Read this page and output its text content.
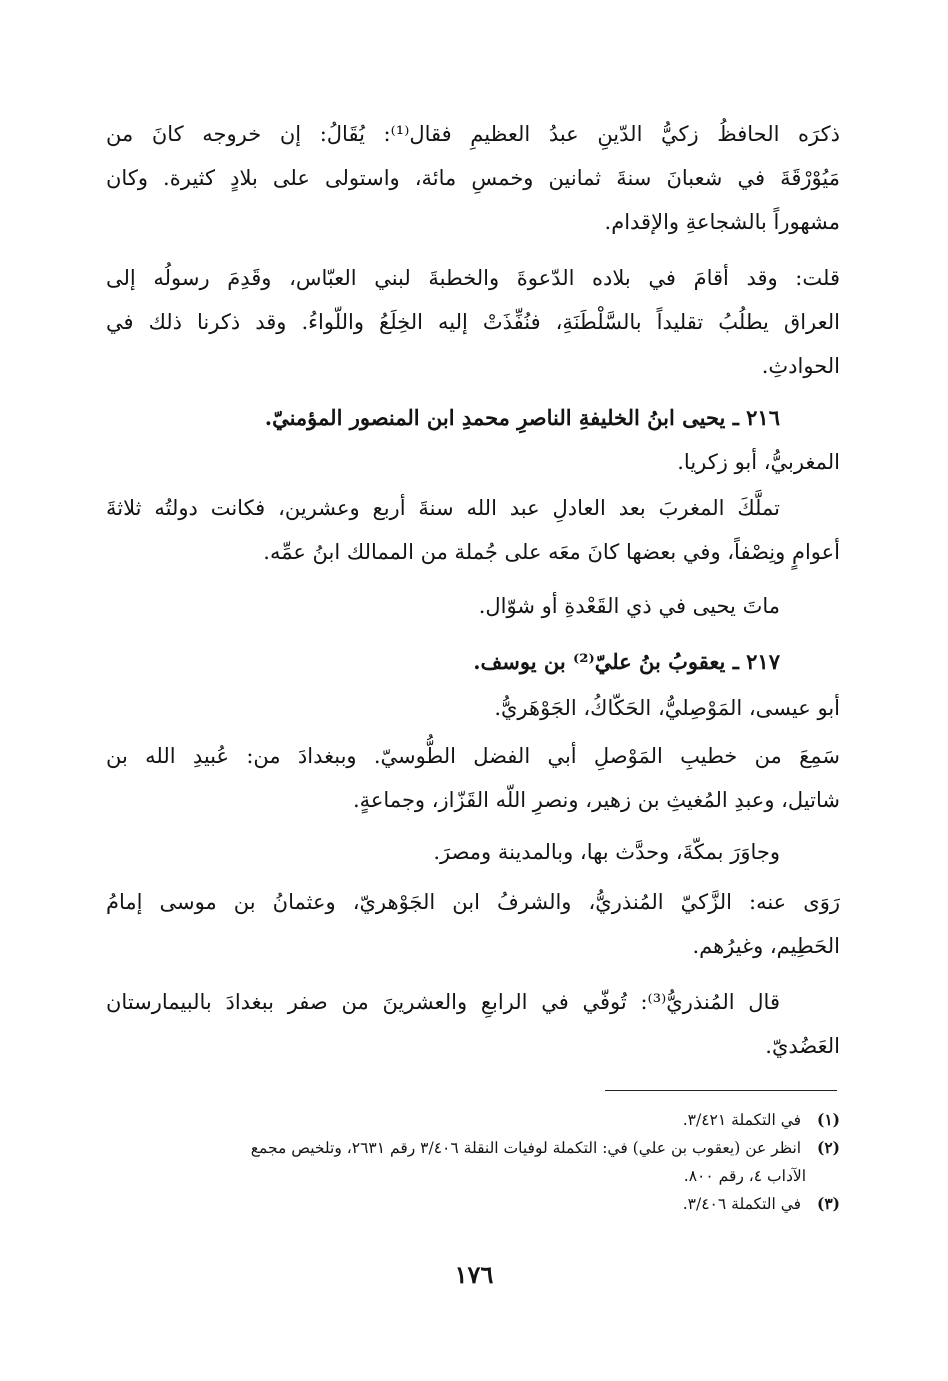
ذكرَه الحافظُ زكيُّ الدّينِ عبدُ العظيمِ فقال⁽¹⁾: يُقَالُ: إن خروجه كانَ من
مَيُوْرْقَةَ في شعبانَ سنةَ ثمانين وخمسِ مائة، واستولى على بلادٍ كثيرة. وكان
مشهوراً بالشجاعةِ والإقدام.
قلت: وقد أقامَ في بلاده الدّعوةَ والخطبةَ لبني العبّاس، وقَدِمَ رسولُه إلى
العراق يطلُبُ تقليداً بالسَّلْطَنَةِ، فنُفِّذَتْ إليه الخِلَعُ واللّواءُ. وقد ذكرنا ذلك في
الحوادثِ.
٢١٦ ـ يحيى ابنُ الخليفةِ الناصرِ محمدِ ابن المنصور المؤمنيّ.
المغربيُّ، أبو زكريا.
تملَّكَ المغربَ بعد العادلِ عبد الله سنةَ أربع وعشرين، فكانت دولتُه ثلاثةَ
أعوامٍ ونِصْفاً، وفي بعضها كانَ معَه على جُملة من الممالك ابنُ عمِّه.
ماتَ يحيى في ذي القَعْدةِ أو شوّال.
٢١٧ ـ يعقوبُ بنُ عليّ⁽²⁾ بن يوسف.
أبو عيسى، المَوْصِليُّ، الحَكّاكُ، الجَوْهَريُّ.
سَمِعَ من خطيبِ المَوْصلِ أبي الفضل الطُّوسيّ. وببغدادَ من: عُبيدِ الله بن
شاتيل، وعبدِ المُغيثِ بن زهير، ونصرِ اللّه القَزّاز، وجماعةٍ.
وجاوَرَ بمكّةَ، وحدَّث بها، وبالمدينة ومصرَ.
رَوَى عنه: الزَّكيّ المُنذريُّ، والشرفُ ابن الجَوْهريّ، وعثمانُ بن موسى إمامُ
الحَطِيم، وغيرُهم.
قال المُنذريُّ⁽³⁾: تُوفّي في الرابعِ والعشرينَ من صفر ببغدادَ بالبيمارستان
العَضُديّ.
(١) في التكملة ٣/٤٢١.
(٢) انظر عن (يعقوب بن علي) في: التكملة لوفيات النقلة ٣/٤٠٦ رقم ٢٦٣١، وتلخيص مجمع
الآداب ٤، رقم ٨٠٠.
(٣) في التكملة ٣/٤٠٦.
١٧٦
